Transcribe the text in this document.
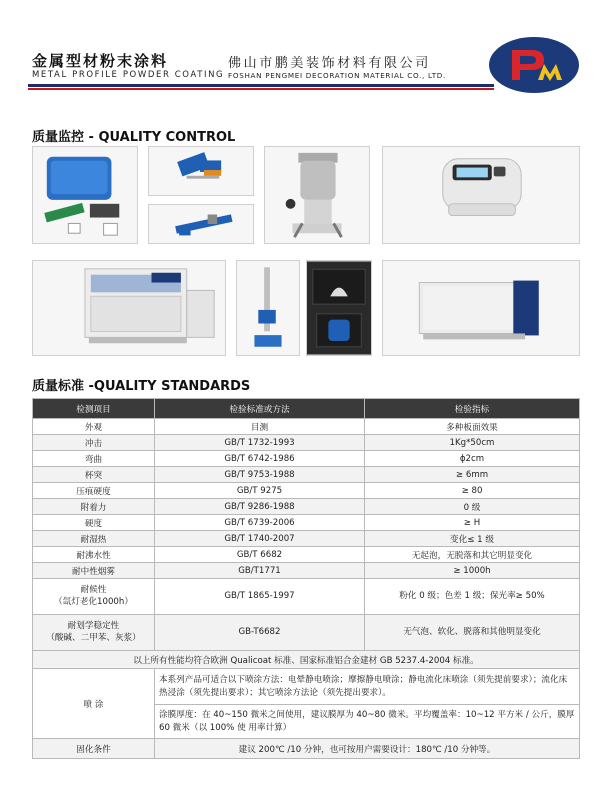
金属型材粉末涂料
METAL PROFILE POWDER COATING
佛山市鹏美装饰材料有限公司
FOSHAN PENGMEI DECORATION MATERIAL CO., LTD.
质量监控 - QUALITY CONTROL
质量标准 -QUALITY STANDARDS
检测项目	检验标准或方法	检验指标
外观	目测	多种板面效果
冲击	GB/T 1732-1993	1Kg*50cm
弯曲	GB/T 6742-1986	ɸ2cm
杯突	GB/T 9753-1988	≥ 6mm
压痕硬度	GB/T 9275	≥ 80
附着力	GB/T 9286-1988	0 级
硬度	GB/T 6739-2006	≥ H
耐湿热	GB/T 1740-2007	变化≤ 1 级
耐沸水性	GB/T 6682	无起泡，无脱落和其它明显变化
耐中性烟雾	GB/T1771	≥ 1000h

耐候性
（氙灯老化1000h）	GB/T 1865-1997	粉化 0 级；色差 1 级；保光率≥ 50%

耐划学稳定性
（酸碱、二甲苯、灰浆）	GB-T6682	无气泡、软化、脱落和其他明显变化
以上所有性能均符合欧洲 Qualicoat 标准、国家标准铝合金建材 GB 5237.4-2004 标准。		
喷 涂	本系列产品可适合以下喷涂方法：电晕静电喷涂；摩擦静电喷涂；静电流化床喷涂（须先提前要求）；流化床热浸涂（须先提出要求）；其它喷涂方法论（须先提出要求）。	
	涂膜厚度：在 40~150 微米之间使用，建议膜厚为 40~80 微米。平均覆盖率：10~12 平方米 / 公斤，膜厚 60 微米（以 100% 使 用率计算）	
固化条件	建议 200℃ /10 分钟，也可按用户需要设计：180℃ /10 分钟等。	
